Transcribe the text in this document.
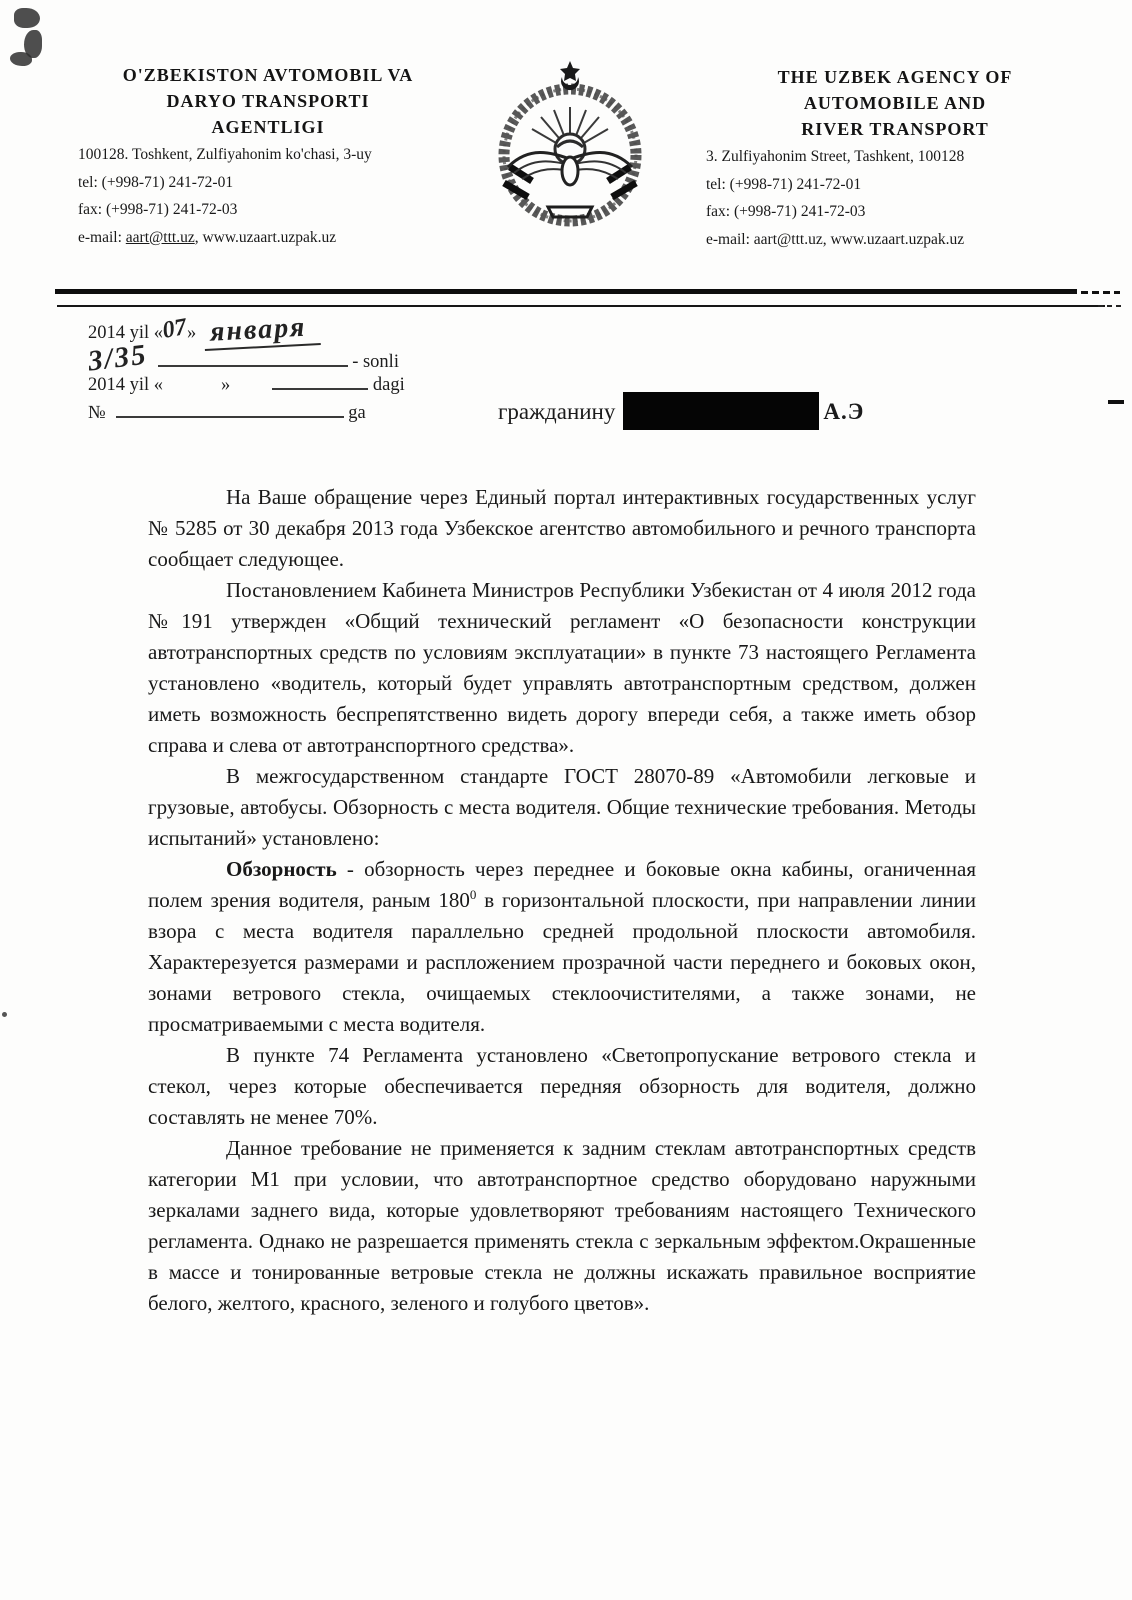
O'ZBEKISTON AVTOMOBIL VA
DARYO TRANSPORTI
AGENTLIGI
100128. Toshkent, Zulfiyahonim ko'chasi, 3-uy
tel: (+998-71) 241-72-01
fax: (+998-71) 241-72-03
e-mail: aart@ttt.uz, www.uzaart.uzpak.uz
THE UZBEK AGENCY OF
AUTOMOBILE AND
RIVER TRANSPORT
3. Zulfiyahonim Street, Tashkent, 100128
tel: (+998-71) 241-72-01
fax: (+998-71) 241-72-03
e-mail: aart@ttt.uz, www.uzaart.uzpak.uz
2014 yil «07» января
3/35	- sonli
2014 yil «	»	dagi
№	ga	гражданину	А.Э

На Ваше обращение через Единый портал интерактивных государственных услуг № 5285 от 30 декабря 2013 года Узбекское агентство автомобильного и речного транспорта сообщает следующее.

Постановлением Кабинета Министров Республики Узбекистан от 4 июля 2012 года №191 утвержден «Общий технический регламент «О безопасности конструкции автотранспортных средств по условиям эксплуатации» в пункте 73 настоящего Регламента установлено «водитель, который будет управлять автотранспортным средством, должен иметь возможность беспрепятственно видеть дорогу впереди себя, а также иметь обзор справа и слева от автотранспортного средства».

В межгосударственном стандарте ГОСТ 28070-89 «Автомобили легковые и грузовые, автобусы. Обзорность с места водителя. Общие технические требования. Методы испытаний» установлено:

Обзорность - обзорность через переднее и боковые окна кабины, оганиченная полем зрения водителя, раным $180^0$ в горизонтальной плоскости, при направлении линии взора с места водителя параллельно средней продольной плоскости автомобиля. Характерезуется размерами и распложением прозрачной части переднего и боковых окон, зонами ветрового стекла, очищаемых стеклоочистителями, а также зонами, не просматриваемыми с места водителя.

В пункте 74 Регламента установлено «Светопропускание ветрового стекла и стекол, через которые обеспечивается передняя обзорность для водителя, должно составлять не менее 70%.

Данное требование не применяется к задним стеклам автотранспортных средств категории М1 при условии, что автотранспортное средство оборудовано наружными зеркалами заднего вида, которые удовлетворяют требованиям настоящего Технического регламента. Однако не разрешается применять стекла с зеркальным эффектом.Окрашенные в массе и тонированные ветровые стекла не должны искажать правильное восприятие белого, желтого, красного, зеленого и голубого цветов».
